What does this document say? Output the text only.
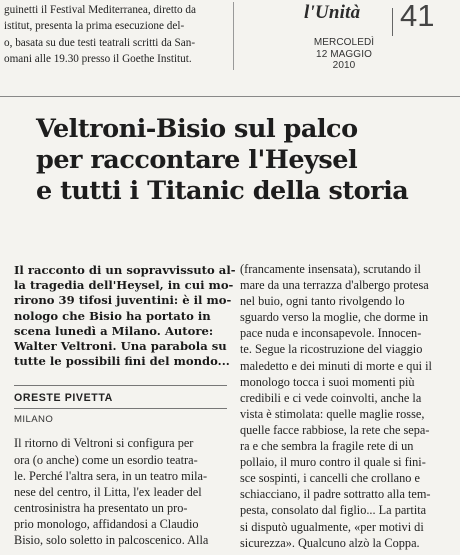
guinetti il Festival Mediterranea, diretto da
istitut, presenta la prima esecuzione del-
o, basata su due testi teatrali scritti da San-
omani alle 19.30 presso il Goethe Institut.
l'Unità 41
MERCOLEDÌ
12 MAGGIO
2010
Veltroni-Bisio sul palco
per raccontare l'Heysel
e tutti i Titanic della storia
Il racconto di un sopravvissuto al-
la tragedia dell'Heysel, in cui mo-
rirono 39 tifosi juventini: è il mo-
nologo che Bisio ha portato in
scena lunedì a Milano. Autore:
Walter Veltroni. Una parabola su
tutte le possibili fini del mondo...
ORESTE PIVETTA
MILANO
Il ritorno di Veltroni si configura per
ora (o anche) come un esordio teatra-
le. Perché l'altra sera, in un teatro mila-
nese del centro, il Litta, l'ex leader del
centrosinistra ha presentato un pro-
prio monologo, affidandosi a Claudio
Bisio, solo soletto in palcoscenico. Alla
(francamente insensata), scrutando il
mare da una terrazza d'albergo protesa
nel buio, ogni tanto rivolgendo lo
sguardo verso la moglie, che dorme in
pace nuda e inconsapevole. Innocen-
te. Segue la ricostruzione del viaggio
maledetto e dei minuti di morte e qui il
monologo tocca i suoi momenti più
credibili e ci vede coinvolti, anche la
vista è stimolata: quelle maglie rosse,
quelle facce rabbiose, la rete che sepa-
ra e che sembra la fragile rete di un
pollaio, il muro contro il quale si fini-
sce sospinti, i cancelli che crollano e
schiacciano, il padre sottratto alla tem-
pesta, consolato dal figlio... La partita
si disputò ugualmente, «per motivi di
sicurezza». Qualcuno alzò la Coppa.
